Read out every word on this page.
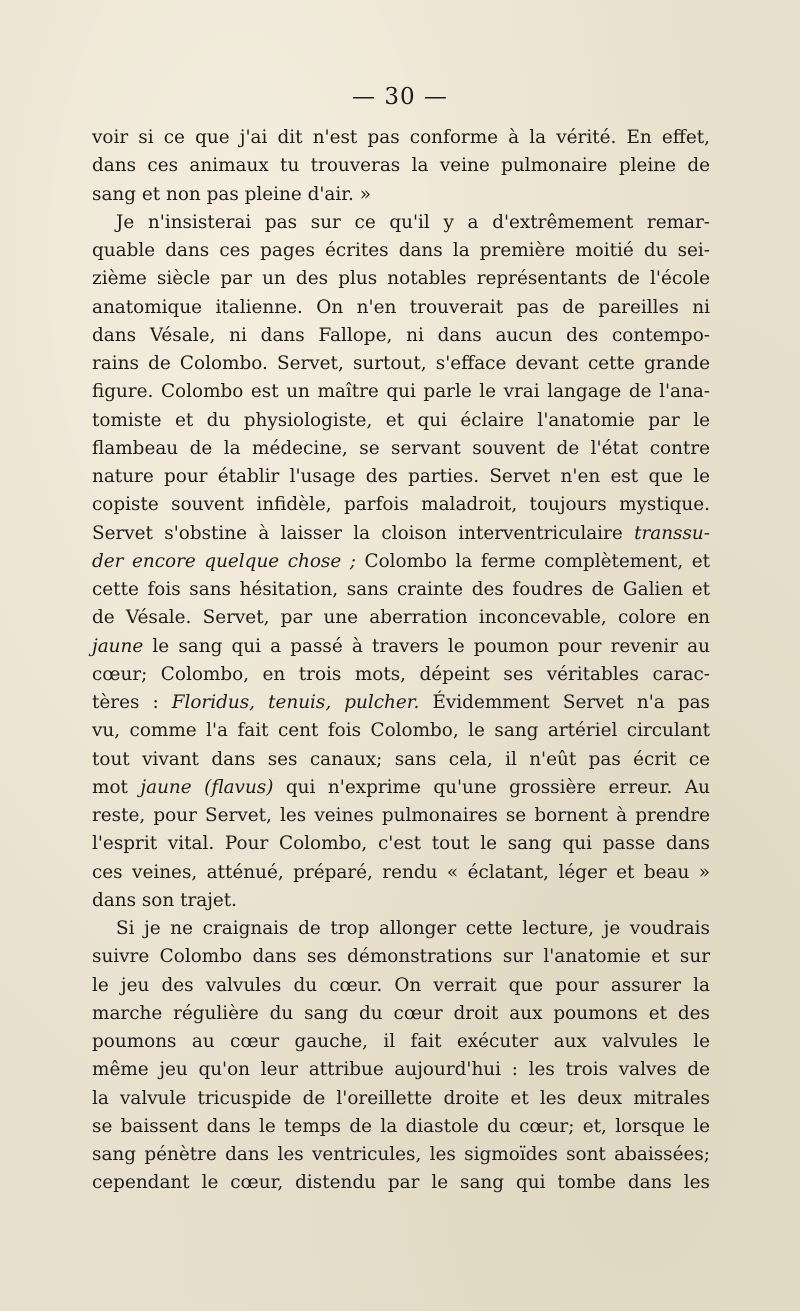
— 30 —
voir si ce que j'ai dit n'est pas conforme à la vérité. En effet,
dans ces animaux tu trouveras la veine pulmonaire pleine de
sang et non pas pleine d'air. »
Je n'insisterai pas sur ce qu'il y a d'extrêmement remar-
quable dans ces pages écrites dans la première moitié du sei-
zième siècle par un des plus notables représentants de l'école
anatomique italienne. On n'en trouverait pas de pareilles ni
dans Vésale, ni dans Fallope, ni dans aucun des contempo-
rains de Colombo. Servet, surtout, s'efface devant cette grande
figure. Colombo est un maître qui parle le vrai langage de l'ana-
tomiste et du physiologiste, et qui éclaire l'anatomie par le
flambeau de la médecine, se servant souvent de l'état contre
nature pour établir l'usage des parties. Servet n'en est que le
copiste souvent infidèle, parfois maladroit, toujours mystique.
Servet s'obstine à laisser la cloison interventriculaire transsu-
der encore quelque chose ; Colombo la ferme complètement, et
cette fois sans hésitation, sans crainte des foudres de Galien et
de Vésale. Servet, par une aberration inconcevable, colore en
jaune le sang qui a passé à travers le poumon pour revenir au
cœur; Colombo, en trois mots, dépeint ses véritables carac-
tères : Floridus, tenuis, pulcher. Évidemment Servet n'a pas
vu, comme l'a fait cent fois Colombo, le sang artériel circulant
tout vivant dans ses canaux; sans cela, il n'eût pas écrit ce
mot jaune (flavus) qui n'exprime qu'une grossière erreur. Au
reste, pour Servet, les veines pulmonaires se bornent à prendre
l'esprit vital. Pour Colombo, c'est tout le sang qui passe dans
ces veines, atténué, préparé, rendu « éclatant, léger et beau »
dans son trajet.
Si je ne craignais de trop allonger cette lecture, je voudrais
suivre Colombo dans ses démonstrations sur l'anatomie et sur
le jeu des valvules du cœur. On verrait que pour assurer la
marche régulière du sang du cœur droit aux poumons et des
poumons au cœur gauche, il fait exécuter aux valvules le
même jeu qu'on leur attribue aujourd'hui : les trois valves de
la valvule tricuspide de l'oreillette droite et les deux mitrales
se baissent dans le temps de la diastole du cœur; et, lorsque le
sang pénètre dans les ventricules, les sigmoïdes sont abaissées;
cependant le cœur, distendu par le sang qui tombe dans les
